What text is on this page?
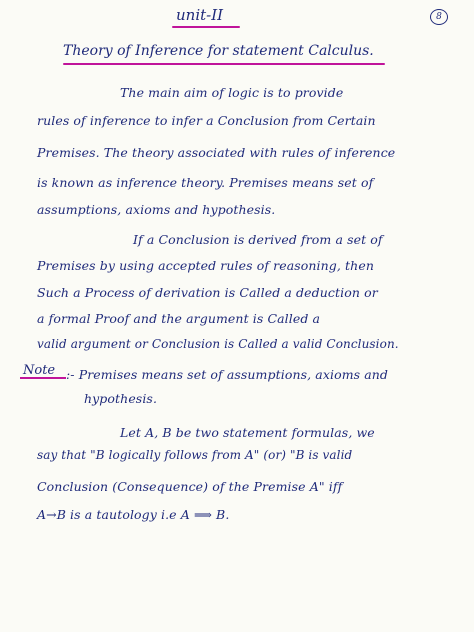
unit-II	8
Theory of Inference for statement Calculus.
The main aim of logic is to provide
rules of inference to infer a Conclusion from Certain
Premises. The theory associated with rules of inference
is known as inference theory. Premises means set of
assumptions, axioms and hypothesis.
If a Conclusion is derived from a set of
Premises by using accepted rules of reasoning, then
Such a Process of derivation is Called a deduction or
a formal Proof and the argument is Called a
valid argument or Conclusion is Called a valid Conclusion.
Note :- Premises means set of assumptions, axioms and
hypothesis.
Let A, B be two statement formulas, we
say that "B logically follows from A" (or) "B is valid
Conclusion (Consequence) of the Premise A" iff
A→B is a tautology i.e A ⟹ B.
